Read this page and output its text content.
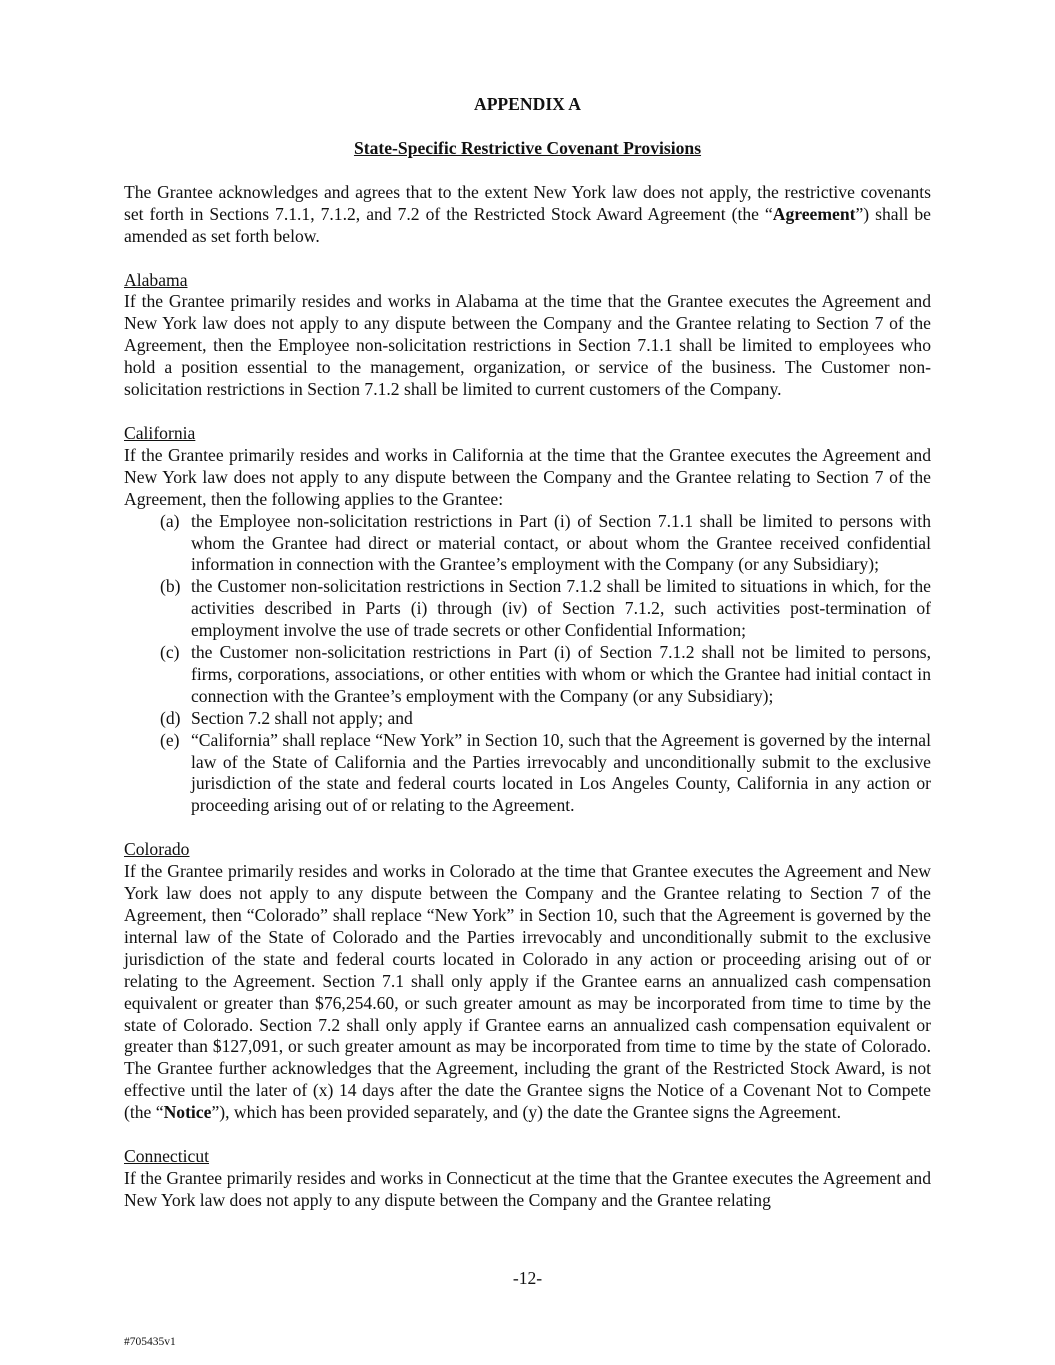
APPENDIX A
State-Specific Restrictive Covenant Provisions

The Grantee acknowledges and agrees that to the extent New York law does not apply, the restrictive covenants set forth in Sections 7.1.1, 7.1.2, and 7.2 of the Restricted Stock Award Agreement (the “Agreement”) shall be amended as set forth below.

Alabama

If the Grantee primarily resides and works in Alabama at the time that the Grantee executes the Agreement and New York law does not apply to any dispute between the Company and the Grantee relating to Section 7 of the Agreement, then the Employee non-solicitation restrictions in Section 7.1.1 shall be limited to employees who hold a position essential to the management, organization, or service of the business. The Customer non-solicitation restrictions in Section 7.1.2 shall be limited to current customers of the Company.

California

If the Grantee primarily resides and works in California at the time that the Grantee executes the Agreement and New York law does not apply to any dispute between the Company and the Grantee relating to Section 7 of the Agreement, then the following applies to the Grantee:

(a) the Employee non-solicitation restrictions in Part (i) of Section 7.1.1 shall be limited to persons with whom the Grantee had direct or material contact, or about whom the Grantee received confidential information in connection with the Grantee’s employment with the Company (or any Subsidiary);
(b) the Customer non-solicitation restrictions in Section 7.1.2 shall be limited to situations in which, for the activities described in Parts (i) through (iv) of Section 7.1.2, such activities post-termination of employment involve the use of trade secrets or other Confidential Information;
(c) the Customer non-solicitation restrictions in Part (i) of Section 7.1.2 shall not be limited to persons, firms, corporations, associations, or other entities with whom or which the Grantee had initial contact in connection with the Grantee’s employment with the Company (or any Subsidiary);
(d) Section 7.2 shall not apply; and
(e) “California” shall replace “New York” in Section 10, such that the Agreement is governed by the internal law of the State of California and the Parties irrevocably and unconditionally submit to the exclusive jurisdiction of the state and federal courts located in Los Angeles County, California in any action or proceeding arising out of or relating to the Agreement.
Colorado

If the Grantee primarily resides and works in Colorado at the time that Grantee executes the Agreement and New York law does not apply to any dispute between the Company and the Grantee relating to Section 7 of the Agreement, then “Colorado” shall replace “New York” in Section 10, such that the Agreement is governed by the internal law of the State of Colorado and the Parties irrevocably and unconditionally submit to the exclusive jurisdiction of the state and federal courts located in Colorado in any action or proceeding arising out of or relating to the Agreement. Section 7.1 shall only apply if the Grantee earns an annualized cash compensation equivalent or greater than $76,254.60, or such greater amount as may be incorporated from time to time by the state of Colorado. Section 7.2 shall only apply if Grantee earns an annualized cash compensation equivalent or greater than $127,091, or such greater amount as may be incorporated from time to time by the state of Colorado. The Grantee further acknowledges that the Agreement, including the grant of the Restricted Stock Award, is not effective until the later of (x) 14 days after the date the Grantee signs the Notice of a Covenant Not to Compete (the “Notice”), which has been provided separately, and (y) the date the Grantee signs the Agreement.

Connecticut

If the Grantee primarily resides and works in Connecticut at the time that the Grantee executes the Agreement and New York law does not apply to any dispute between the Company and the Grantee relating

-12-
#705435v1
